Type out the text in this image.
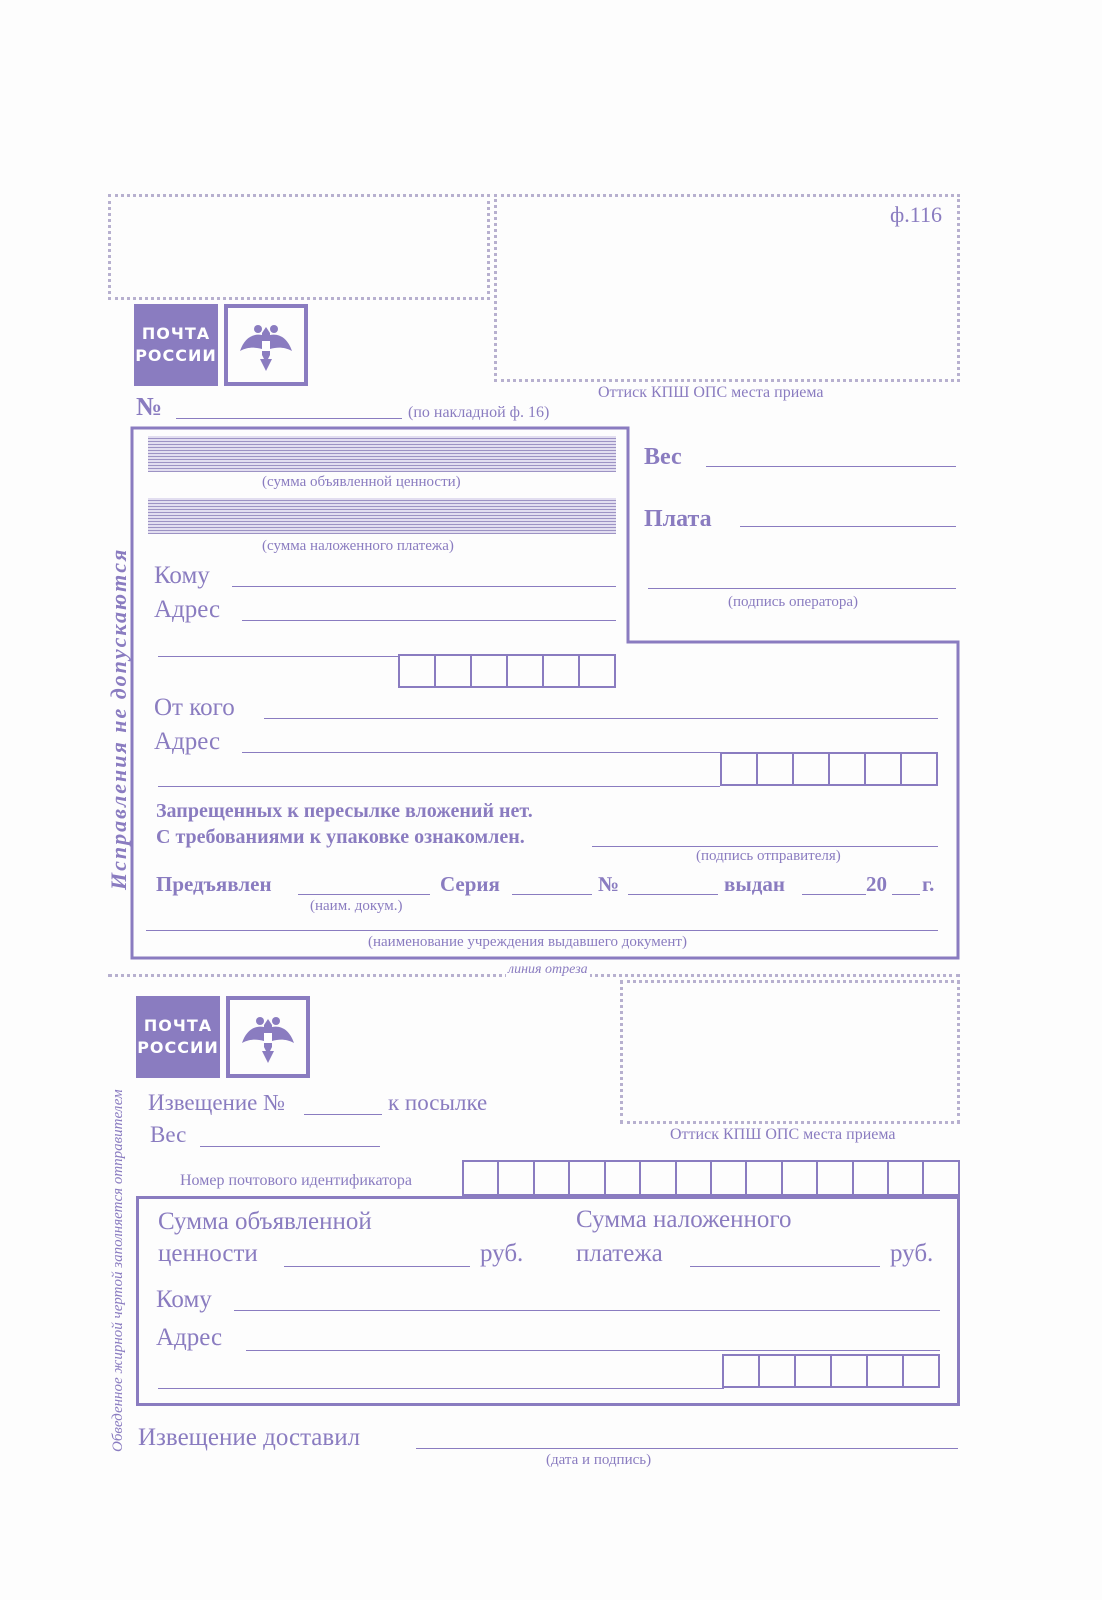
ф.116
Оттиск КПШ ОПС места приема
ПОЧТА
РОССИИ
№	(по накладной ф. 16)
(сумма объявленной ценности)
(сумма наложенного платежа)
Вес
Плата
(подпись оператора)
Кому
Адрес
От кого
Адрес
Запрещенных к пересылке вложений нет.
С требованиями к упаковке ознакомлен.
(подпись отправителя)
Предъявлен
(наим. докум.)
Серия	№	выдан	20 г.
(наименование учреждения выдавшего документ)
Исправления не допускаются
линия отреза
ПОЧТА
РОССИИ
Оттиск КПШ ОПС места приема
Извещение №	к посылке
Вес
Номер почтового идентификатора
Сумма объявленной
ценности	руб.
Сумма наложенного
платежа	руб.
Кому
Адрес
Извещение доставил
(дата и подпись)
Обведенное жирной чертой заполняется отправителем
